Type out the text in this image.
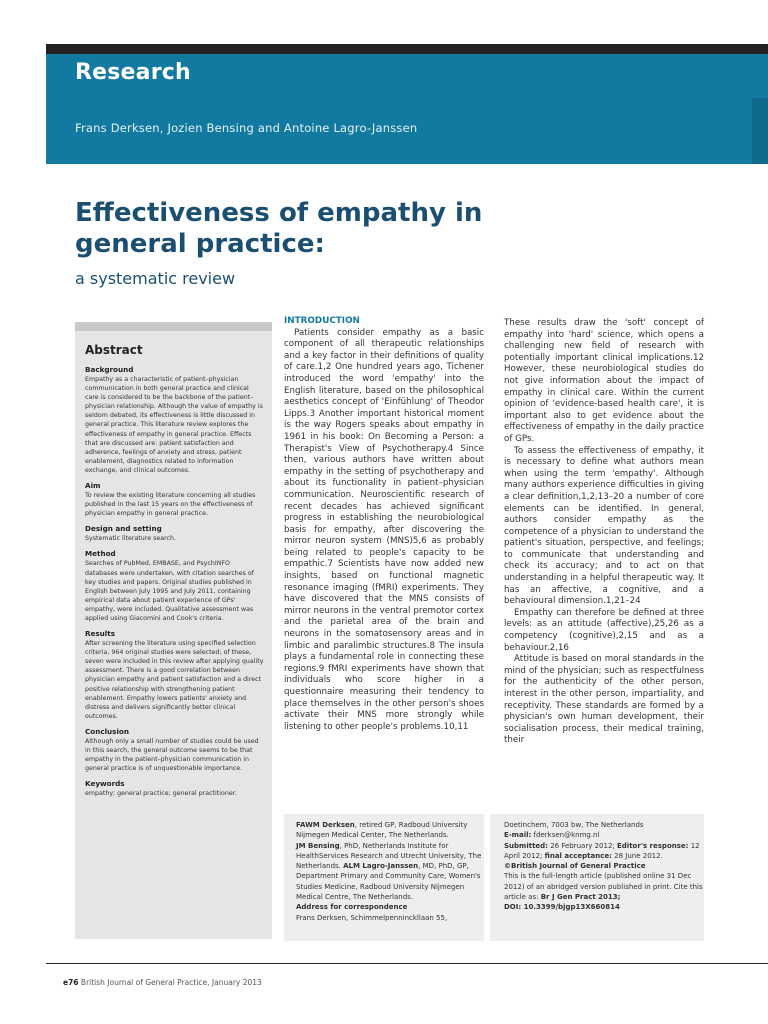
Research

Frans Derksen, Jozien Bensing and Antoine Lagro-Janssen

Effectiveness of empathy in general practice:

a systematic review

Abstract

Background

Empathy as a characteristic of patient–physician communication in both general practice and clinical care is considered to be the backbone of the patient–physician relationship. Although the value of empathy is seldom debated, its effectiveness is little discussed in general practice. This literature review explores the effectiveness of empathy in general practice. Effects that are discussed are: patient satisfaction and adherence, feelings of anxiety and stress, patient enablement, diagnostics related to information exchange, and clinical outcomes.

Aim

To review the existing literature concerning all studies published in the last 15 years on the effectiveness of physician empathy in general practice.

Design and setting

Systematic literature search.

Method

Searches of PubMed, EMBASE, and PsychINFO databases were undertaken, with citation searches of key studies and papers. Original studies published in English between July 1995 and July 2011, containing empirical data about patient experience of GPs' empathy, were included. Qualitative assessment was applied using Giacomini and Cook's criteria.

Results

After screening the literature using specified selection criteria, 964 original studies were selected; of these, seven were included in this review after applying quality assessment. There is a good correlation between physician empathy and patient satisfaction and a direct positive relationship with strengthening patient enablement. Empathy lowers patients' anxiety and distress and delivers significantly better clinical outcomes.

Conclusion

Although only a small number of studies could be used in this search, the general outcome seems to be that empathy in the patient–physician communication in general practice is of unquestionable importance.

Keywords

empathy; general practice; general practitioner.

INTRODUCTION

Patients consider empathy as a basic component of all therapeutic relationships and a key factor in their definitions of quality of care.1,2 One hundred years ago, Tichener introduced the word 'empathy' into the English literature, based on the philosophical aesthetics concept of 'Einfühlung' of Theodor Lipps.3 Another important historical moment is the way Rogers speaks about empathy in 1961 in his book: On Becoming a Person: a Therapist's View of Psychotherapy.4 Since then, various authors have written about empathy in the setting of psychotherapy and about its functionality in patient–physician communication. Neuroscientific research of recent decades has achieved significant progress in establishing the neurobiological basis for empathy, after discovering the mirror neuron system (MNS)5,6 as probably being related to people's capacity to be empathic.7 Scientists have now added new insights, based on functional magnetic resonance imaging (fMRI) experiments. They have discovered that the MNS consists of mirror neurons in the ventral premotor cortex and the parietal area of the brain and neurons in the somatosensory areas and in limbic and paralimbic structures.8 The insula plays a fundamental role in connecting these regions.9 fMRI experiments have shown that individuals who score higher in a questionnaire measuring their tendency to place themselves in the other person's shoes activate their MNS more strongly while listening to other people's problems.10,11

These results draw the 'soft' concept of empathy into 'hard' science, which opens a challenging new field of research with potentially important clinical implications.12 However, these neurobiological studies do not give information about the impact of empathy in clinical care. Within the current opinion of 'evidence-based health care', it is important also to get evidence about the effectiveness of empathy in the daily practice of GPs.

To assess the effectiveness of empathy, it is necessary to define what authors mean when using the term 'empathy'. Although many authors experience difficulties in giving a clear definition,1,2,13–20 a number of core elements can be identified. In general, authors consider empathy as the competence of a physician to understand the patient's situation, perspective, and feelings; to communicate that understanding and check its accuracy; and to act on that understanding in a helpful therapeutic way. It has an affective, a cognitive, and a behavioural dimension.1,21–24

Empathy can therefore be defined at three levels: as an attitude (affective),25,26 as a competency (cognitive),2,15 and as a behaviour.2,16

Attitude is based on moral standards in the mind of the physician; such as respectfulness for the authenticity of the other person, interest in the other person, impartiality, and receptivity. These standards are formed by a physician's own human development, their socialisation process, their medical training, their

FAWM Derksen, retired GP, Radboud University Nijmegen Medical Center, The Netherlands.

JM Bensing, PhD, Netherlands Institute for HealthServices Research and Utrecht University, The Netherlands. ALM Lagro-Janssen, MD, PhD, GP, Department Primary and Community Care, Women's Studies Medicine, Radboud University Nijmegen Medical Centre, The Netherlands.

Address for correspondence

Frans Derksen, Schimmelpenninckllaan 55,

Doetinchem, 7003 bw, The Netherlands

E-mail: fderksen@knmg.nl

Submitted: 26 February 2012; Editor's response: 12 April 2012; final acceptance: 28 June 2012.

©British Journal of General Practice

This is the full-length article (published online 31 Dec 2012) of an abridged version published in print. Cite this article as: Br J Gen Pract 2013;

DOI: 10.3399/bjgp13X660814

e76 British Journal of General Practice, January 2013
